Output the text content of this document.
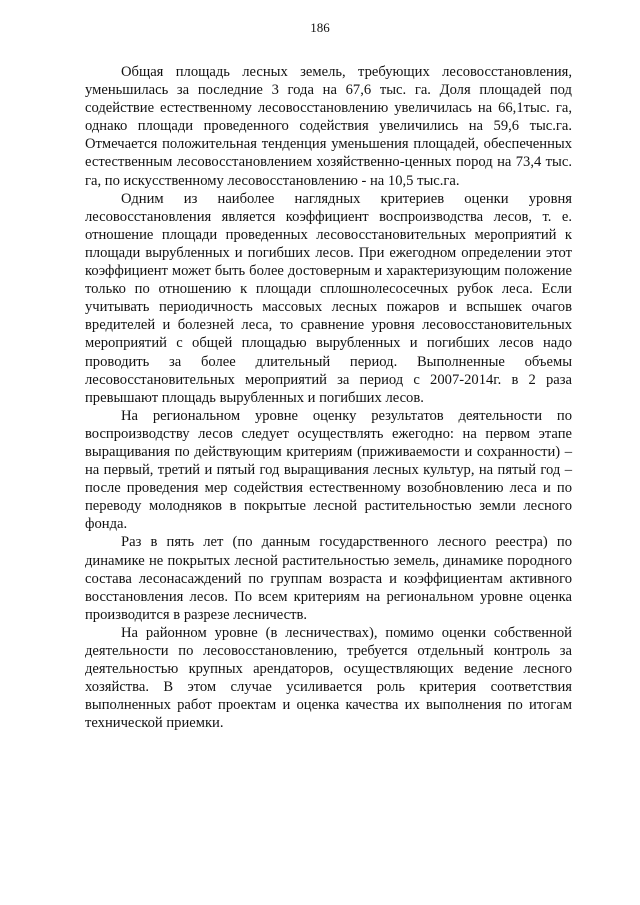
186

Общая площадь лесных земель, требующих лесовосстановления, уменьшилась за последние 3 года на 67,6 тыс. га. Доля площадей под содействие естественному лесовосстановлению увеличилась на 66,1тыс. га, однако площади проведенного содействия увеличились на 59,6 тыс.га. Отмечается положительная тенденция уменьшения площадей, обеспеченных естественным лесовосстановлением хозяйственно-ценных пород на 73,4 тыс. га, по искусственному лесовосстановлению - на 10,5 тыс.га.

Одним из наиболее наглядных критериев оценки уровня лесовосстановления является коэффициент воспроизводства лесов, т. е. отношение площади проведенных лесовосстановительных мероприятий к площади вырубленных и погибших лесов. При ежегодном определении этот коэффициент может быть более достоверным и характеризующим положение только по отношению к площади сплошнолесосечных рубок леса. Если учитывать периодичность массовых лесных пожаров и вспышек очагов вредителей и болезней леса, то сравнение уровня лесовосстановительных мероприятий с общей площадью вырубленных и погибших лесов надо проводить за более длительный период. Выполненные объемы лесовосстановительных мероприятий за период с 2007-2014г. в 2 раза превышают площадь вырубленных и погибших лесов.

На региональном уровне оценку результатов деятельности по воспроизводству лесов следует осуществлять ежегодно: на первом этапе выращивания по действующим критериям (приживаемости и сохранности) – на первый, третий и пятый год выращивания лесных культур, на пятый год – после проведения мер содействия естественному возобновлению леса и по переводу молодняков в покрытые лесной растительностью земли лесного фонда.

Раз в пять лет (по данным государственного лесного реестра) по динамике не покрытых лесной растительностью земель, динамике породного состава лесонасаждений по группам возраста и коэффициентам активного восстановления лесов. По всем критериям на региональном уровне оценка производится в разрезе лесничеств.

На районном уровне (в лесничествах), помимо оценки собственной деятельности по лесовосстановлению, требуется отдельный контроль за деятельностью крупных арендаторов, осуществляющих ведение лесного хозяйства. В этом случае усиливается роль критерия соответствия выполненных работ проектам и оценка качества их выполнения по итогам технической приемки.
